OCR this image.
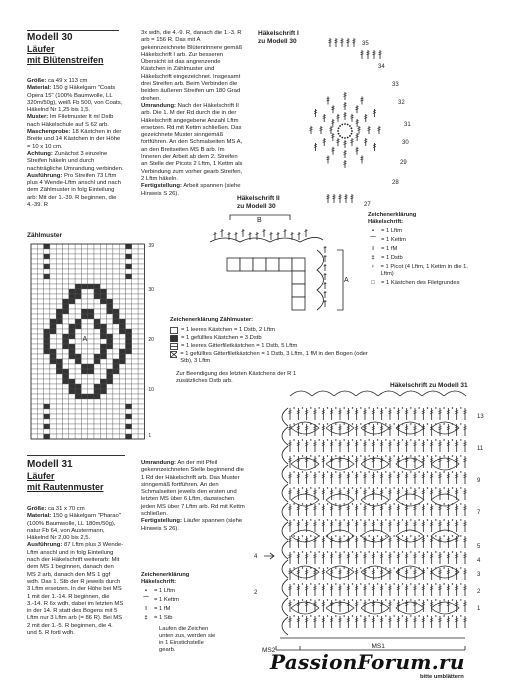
Modell 30
Läufer
mit Blütenstreifen

Größe: ca 49 x 113 cm

Material: 150 g Häkelgarn "Coats Opera 15" (100% Baumwolle, LL 320m/50g), weiß Fb 500, von Coats, Häkelnd Nr 1,25 bis 1,5.

Muster: Im Filetmuster lt ml Dstb nach Häkelschule auf S 62 arb.

Maschenprobe: 18 Kästchen in der Breite und 14 Kästchen in der Höhe = 10 x 10 cm.

Achtung: Zunächst 3 einzelne Streifen häkeln und durch nachträgliche Umrandung verbinden.

Ausführung: Pro Streifen 73 Lftm plus 4 Wende-Lftm anschl und nach dem Zählmuster in folg Einteilung arb: Mit der 1.-39. R beginnen, die 4.-39. R

3x wdh, die 4.-9. R, danach die 1.-3. R arb = 156 R. Das mit A gekennzeichnete Blütenrinnere gemäß Häkelschrift I arb. Zur besseren Übersicht ist das angrenzende Kästchen in Zählmuster und Häkelschrift eingezeichnet. Insgesamt drei Streifen arb. Beim Verbinden die beiden äußeren Streifen um 180 Grad drehen.

Umrandung: Nach der Häkelschrift II arb. Die 1. M der Rd durch die in der Häkelschrift angegebene Anzahl Lftm ersetzen. Rd mit Kettm schließen. Das gezeichnete Muster sinngemäß fortführen. An den Schmalseiten MS A, an den Breitseiten MS B arb. Im Inneren der Arbeit ab dem 2. Streifen an Stelle der Picots 2 Lftm, 1 Kettm als Verbindung zum vorher gearb Streifen, 2 Lftm häkeln.

Fertigstellung: Arbeit spannen (siehe Hinweis S 26).

Zählmuster
39
30
20
10
1
A
Häkelschrift I
zu Modell 30	35
34
33
32
31
30
29
28
27
Häkelschrift II
zu Modell 30
B
A
Zeichenerklärung
Häkelschrift:
•	= 1 Lftm
⌒ = 1 Kettm
ǀ	= 1 fM
‡	= 1 Dstb
♀ = 1 Picot (4 Lftm, 1 Kettm in die 1. Lftm)
□	= 1 Kästchen des Filetgrundes
Zeichenerklärung Zählmuster:
= 1 leeres Kästchen = 1 Dstb, 2 Lftm
= 1 gefülltes Kästchen = 3 Dstb
= 1 leeres Gitterfiletkästchen = 1 Dstb, 5 Lftm
= 1 gefülltes Gitterfiletkästchen = 1 Dstb, 3 Lftm, 1 fM in den Bogen (oder Stb), 3 Lftm
Zur Beendigung des letzten Kästchens der R 1 zusätzliches Dstb arb.
Modell 31
Läufer
mit Rautenmuster

Größe: ca 31 x 70 cm

Material: 150 g Häkelgarn "Pharao" (100% Baumwolle, LL 180m/50g), natur Fb 64, von Austermann, Häkelnd Nr 2,00 bis 2,5.

Ausführung: 87 Lftm plus 3 Wende-Lftm anschl und in folg Einteilung nach der Häkelschrift weiterarb: Mit dem MS 1 beginnen, danach den MS 2 arb, danach den MS 1 ggf wdh. Das 1. Stb der R jeweils durch 3 Lftm ersetzen. In der Höhe bei MS 1 mit der 1.-14. R beginnen, die 3.-14. R 6x wdh, dabei im letzten MS in der 14. R statt des Bogens mit 5 Lftm nur 3 Lftm arb (= 86 R). Bei MS 2 mit der 1.-5. R beginnen, die 4. und 5. R fortl wdh.

Umrandung: An der mit Pfeil gekennzeichneten Stelle beginnend die 1 Rd der Häkelschrift arb. Das Muster sinngemäß fortführen. An den Schmalseiten jeweils den ersten und letzten MS über 6 Lftm, dazwischen jeden MS über 7 Lftm arb. Rd mit Kettm schließen.

Fertigstellung: Läufer spannen (siehe Hinweis S 26).

Zeichenerklärung
Häkelschrift:
•	= 1 Lftm
⌒ = 1 Kettm
ǀ	= 1 fM
‡	= 1 Stb
Laufen die Zeichen unten zus, werden sie in 1 Einstichstelle gearb.
Häkelschrift zu Modell 31
13
11
9
7
5
4
3
2
1
4
2
MS2
MS1
bitte umblättern
PassionForum.ru
